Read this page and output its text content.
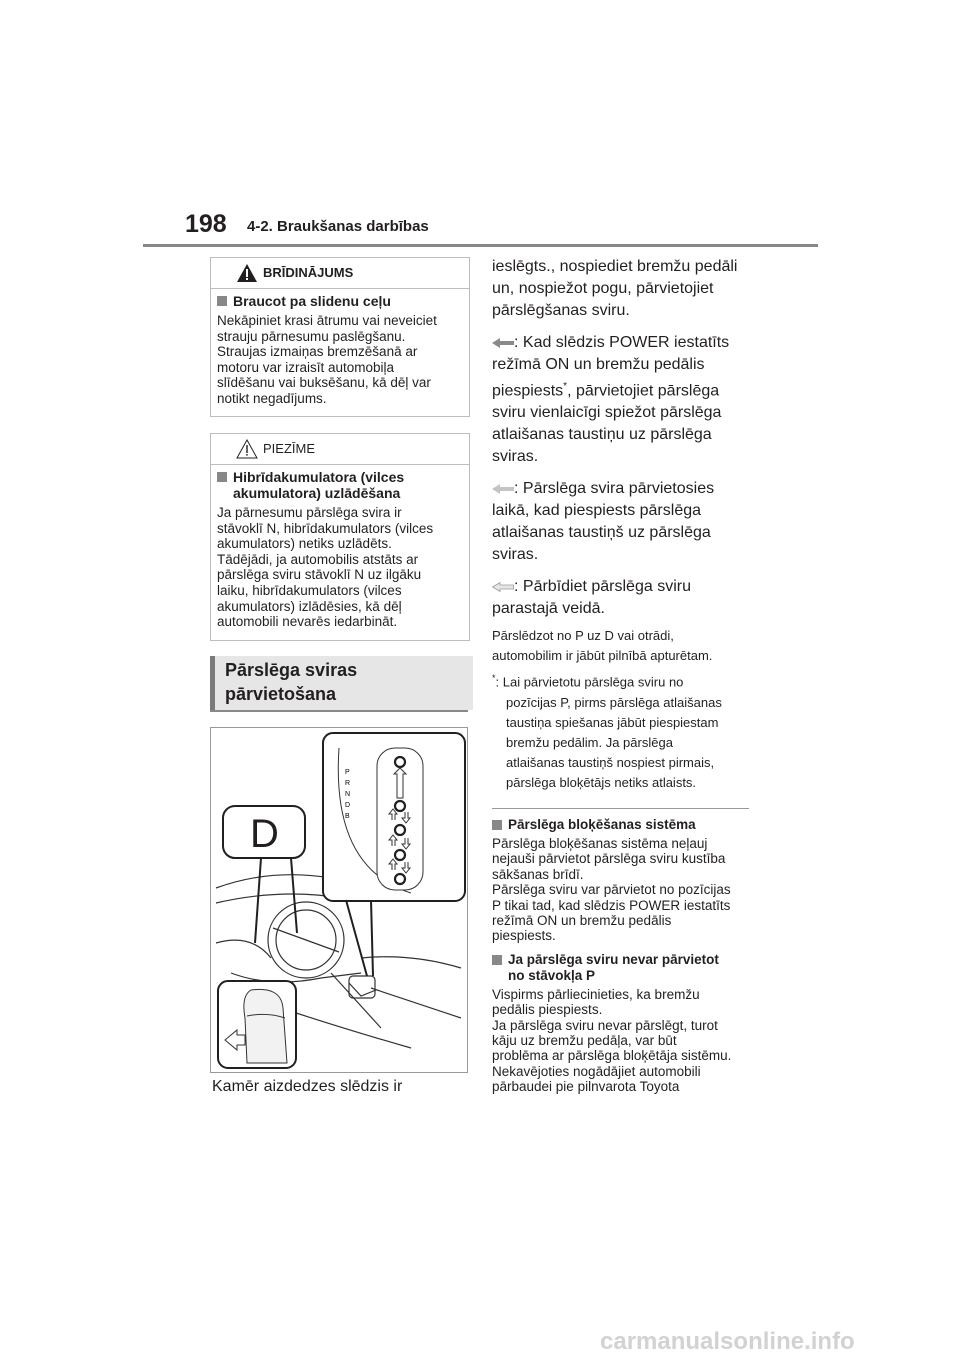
198 4-2. Braukšanas darbības
BRĪDINĀJUMS
Braucot pa slidenu ceļu
Nekāpiniet krasi ātrumu vai neveiciet
strauju pārnesumu paslēgšanu.
Straujas izmaiņas bremzēšanā ar
motoru var izraisīt automobiļa
slīdēšanu vai buksēšanu, kā dēļ var
notikt negadījums.
PIEZĪME
Hibrīdakumulatora (vilces
akumulatora) uzlādēšana
Ja pārnesumu pārslēga svira ir
stāvoklī N, hibrīdakumulators (vilces
akumulators) netiks uzlādēts.
Tādējādi, ja automobilis atstāts ar
pārslēga sviru stāvoklī N uz ilgāku
laiku, hibrīdakumulators (vilces
akumulators) izlādēsies, kā dēļ
automobili nevarēs iedarbināt.
Pārslēga sviras
pārvietošana
D
P
R
N
D
B
Kamēr aizdedzes slēdzis ir
ieslēgts., nospiediet bremžu pedāli
un, nospiežot pogu, pārvietojiet
pārslēgšanas sviru.
: Kad slēdzis POWER iestatīts
režīmā ON un bremžu pedālis
piespiests*, pārvietojiet pārslēga
sviru vienlaicīgi spiežot pārslēga
atlaišanas taustiņu uz pārslēga
sviras.
: Pārslēga svira pārvietosies
laikā, kad piespiests pārslēga
atlaišanas taustiņš uz pārslēga
sviras.
: Pārbīdiet pārslēga sviru
parastajā veidā.
Pārslēdzot no P uz D vai otrādi,
automobilim ir jābūt pilnībā apturētam.
*: Lai pārvietotu pārslēga sviru no
pozīcijas P, pirms pārslēga atlaišanas
taustiņa spiešanas jābūt piespiestam
bremžu pedālim. Ja pārslēga
atlaišanas taustiņš nospiest pirmais,
pārslēga bloķētājs netiks atlaists.
Pārslēga bloķēšanas sistēma
Pārslēga bloķēšanas sistēma neļauj
nejauši pārvietot pārslēga sviru kustība
sākšanas brīdī.
Pārslēga sviru var pārvietot no pozīcijas
P tikai tad, kad slēdzis POWER iestatīts
režīmā ON un bremžu pedālis
piespiests.
Ja pārslēga sviru nevar pārvietot
no stāvokļa P
Vispirms pārliecinieties, ka bremžu
pedālis piespiests.
Ja pārslēga sviru nevar pārslēgt, turot
kāju uz bremžu pedāļa, var būt
problēma ar pārslēga bloķētāja sistēmu.
Nekavējoties nogādājiet automobili
pārbaudei pie pilnvarota Toyota
carmanualsonline.info
